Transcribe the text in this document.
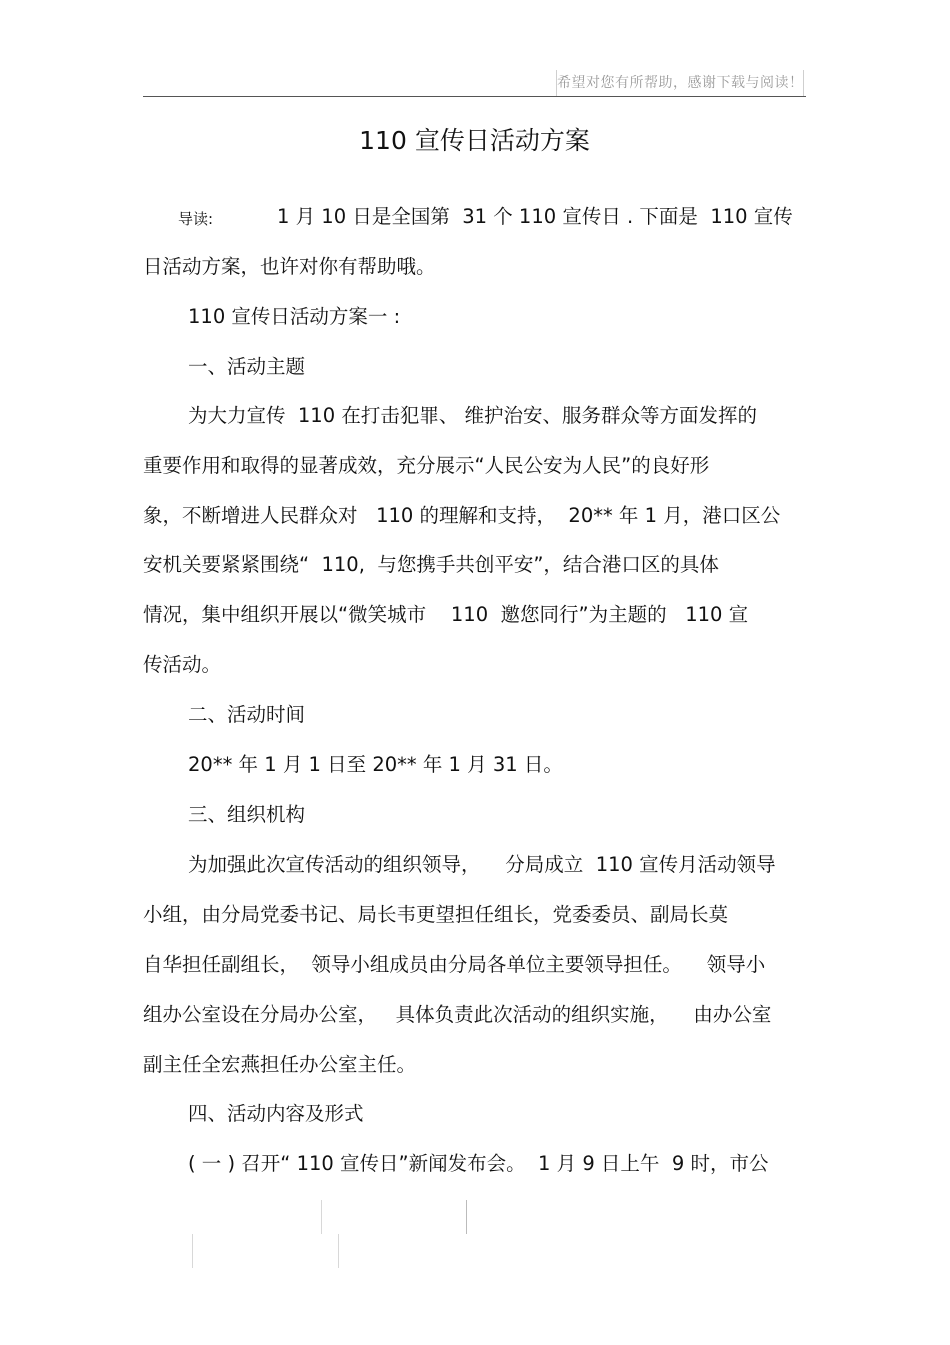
希望对您有所帮助，感谢下载与阅读！
110 宣传日活动方案
导读:	1 月 10 日是全国第  31 个 110 宣传日 . 下面是  110 宣传

日活动方案，也许对你有帮助哦。

110 宣传日活动方案一 :

一、活动主题

为大力宣传  110 在打击犯罪、 维护治安、服务群众等方面发挥的

重要作用和取得的显著成效，充分展示“人民公安为人民”的良好形

象，不断增进人民群众对   110 的理解和支持，  20** 年 1 月，港口区公

安机关要紧紧围绕“  110,  与您携手共创平安”，结合港口区的具体

情况，集中组织开展以“微笑城市    110  邀您同行”为主题的   110 宣

传活动。

二、活动时间

20** 年 1 月 1 日至 20** 年 1 月 31 日。

三、组织机构

为加强此次宣传活动的组织领导，    分局成立  110 宣传月活动领导

小组，由分局党委书记、局长韦更望担任组长，党委委员、副局长莫

自华担任副组长，  领导小组成员由分局各单位主要领导担任。    领导小

组办公室设在分局办公室，   具体负责此次活动的组织实施，    由办公室

副主任全宏燕担任办公室主任。

四、活动内容及形式

( 一 ) 召开“ 110 宣传日”新闻发布会。  1 月 9 日上午  9 时，市公
